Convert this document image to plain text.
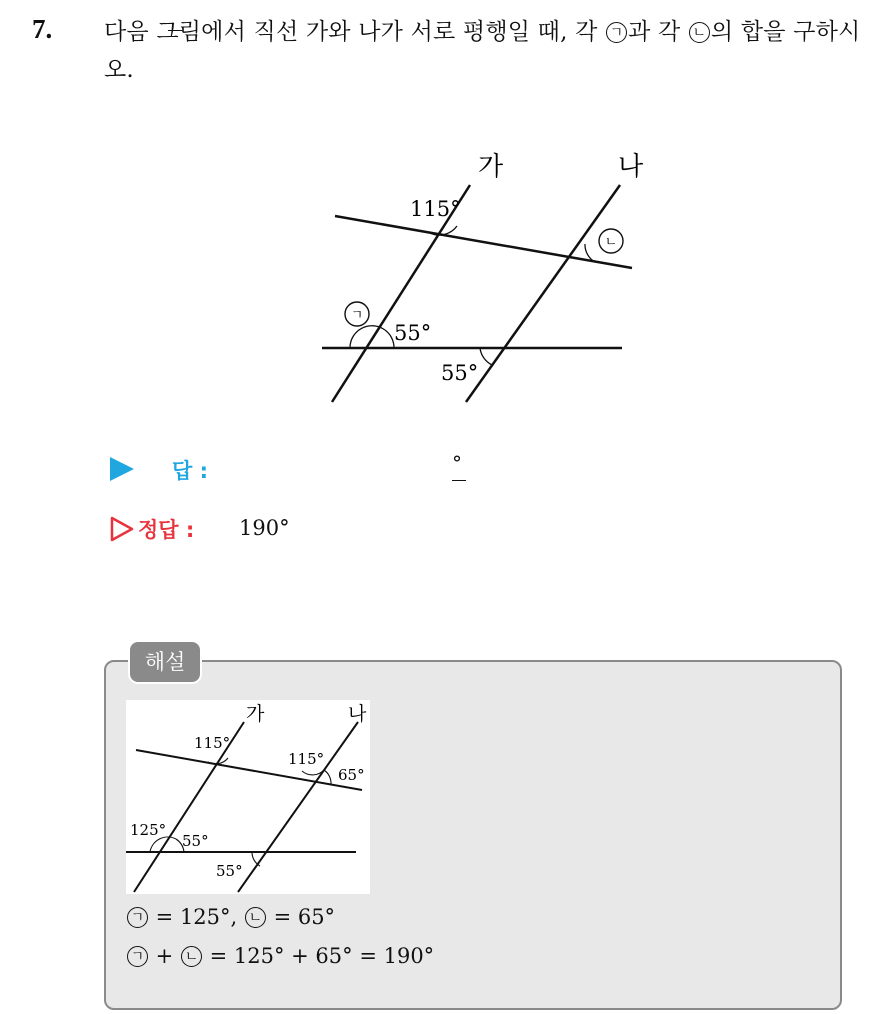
7. 다음 그림에서 직선 가와 나가 서로 평행일 때, 각 ㄱ 과 각 ㄴ 의 합을 구하시오.
가	나
115°
55°
55°
ㄱ
ㄴ
답 :	°
정답 : 190°
해설
가	나
115°
115°
65°
125°
55°
55°
ㄱ = 125°, ㄴ = 65°
ㄱ + ㄴ = 125° + 65° = 190°
